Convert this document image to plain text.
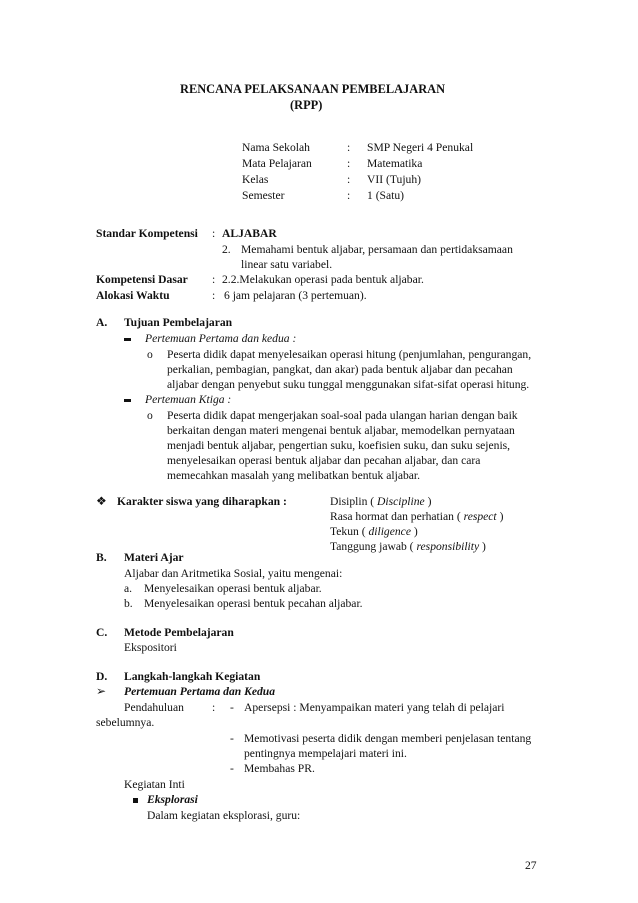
RENCANA PELAKSANAAN PEMBELAJARAN
(RPP)
Nama Sekolah	: SMP Negeri 4 Penukal
Mata Pelajaran	: Matematika
Kelas	: VII (Tujuh)
Semester	: 1 (Satu)
Standar Kompetensi : ALJABAR
2. Memahami bentuk aljabar, persamaan dan pertidaksamaan
linear satu variabel.
Kompetensi Dasar : 2.2.Melakukan operasi pada bentuk aljabar.
Alokasi Waktu	: 6 jam pelajaran (3 pertemuan).
A. Tujuan Pembelajaran
Pertemuan Pertama dan kedua :
o Peserta didik dapat menyelesaikan operasi hitung (penjumlahan, pengurangan,
perkalian, pembagian, pangkat, dan akar) pada bentuk aljabar dan pecahan
aljabar dengan penyebut suku tunggal menggunakan sifat-sifat operasi hitung.
Pertemuan Ktiga :
o Peserta didik dapat mengerjakan soal-soal pada ulangan harian dengan baik
berkaitan dengan materi mengenai bentuk aljabar, memodelkan pernyataan
menjadi bentuk aljabar, pengertian suku, koefisien suku, dan suku sejenis,
menyelesaikan operasi bentuk aljabar dan pecahan aljabar, dan cara
memecahkan masalah yang melibatkan bentuk aljabar.
❖ Karakter siswa yang diharapkan :	Disiplin ( Discipline )
Rasa hormat dan perhatian ( respect )
Tekun ( diligence )
Tanggung jawab ( responsibility )
B. Materi Ajar
Aljabar dan Aritmetika Sosial, yaitu mengenai:
a. Menyelesaikan operasi bentuk aljabar.
b. Menyelesaikan operasi bentuk pecahan aljabar.
C. Metode Pembelajaran
Ekspositori
D. Langkah-langkah Kegiatan
➢ Pertemuan Pertama dan Kedua
Pendahuluan : - Apersepsi : Menyampaikan materi yang telah di pelajari
sebelumnya.
- Memotivasi peserta didik dengan memberi penjelasan tentang
pentingnya mempelajari materi ini.
- Membahas PR.
Kegiatan Inti
Eksplorasi
Dalam kegiatan eksplorasi, guru:
27
